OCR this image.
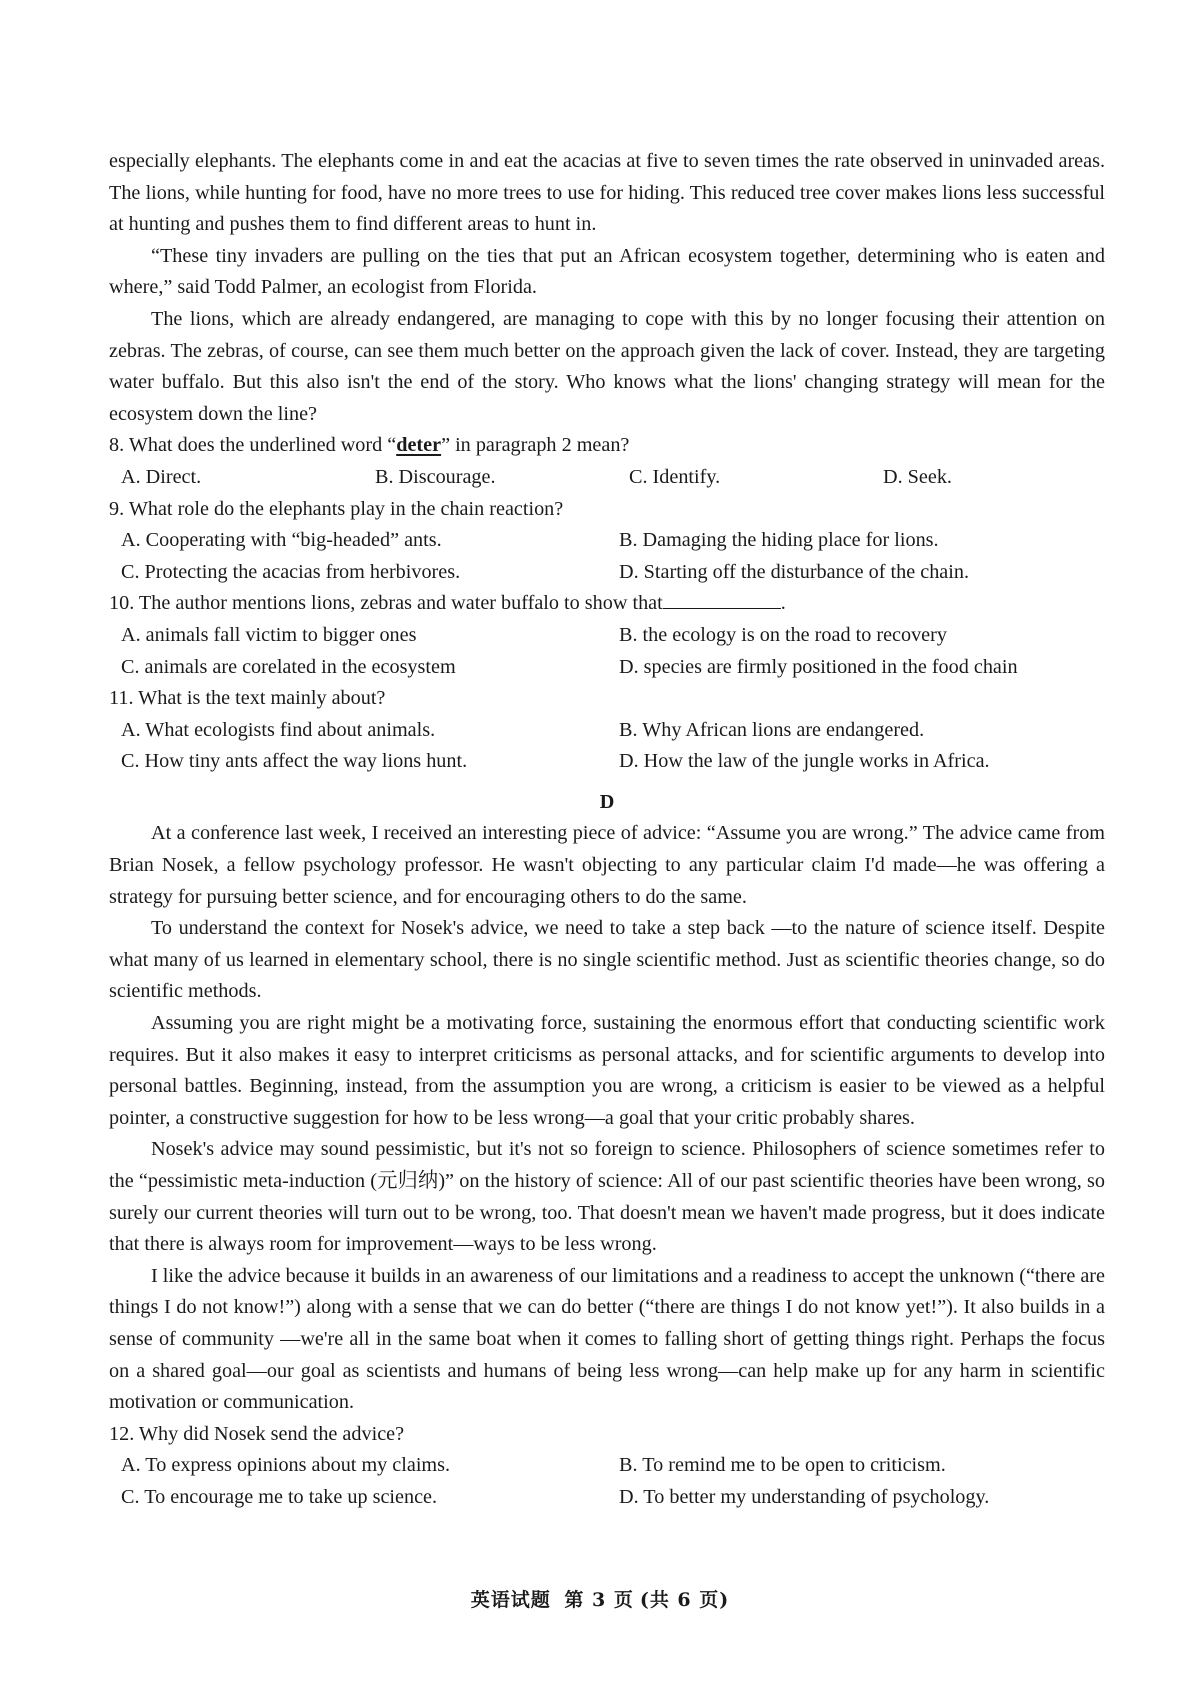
especially elephants. The elephants come in and eat the acacias at five to seven times the rate observed in uninvaded areas. The lions, while hunting for food, have no more trees to use for hiding. This reduced tree cover makes lions less successful at hunting and pushes them to find different areas to hunt in.

“These tiny invaders are pulling on the ties that put an African ecosystem together, determining who is eaten and where,” said Todd Palmer, an ecologist from Florida.

The lions, which are already endangered, are managing to cope with this by no longer focusing their attention on zebras. The zebras, of course, can see them much better on the approach given the lack of cover. Instead, they are targeting water buffalo. But this also isn't the end of the story. Who knows what the lions' changing strategy will mean for the ecosystem down the line?

8. What does the underlined word “deter” in paragraph 2 mean?

A. Direct.	B. Discourage.	C. Identify.	D. Seek.

9. What role do the elephants play in the chain reaction?

A. Cooperating with “big-headed” ants.	B. Damaging the hiding place for lions.
C. Protecting the acacias from herbivores.	D. Starting off the disturbance of the chain.

10. The author mentions lions, zebras and water buffalo to show that	.

A. animals fall victim to bigger ones	B. the ecology is on the road to recovery
C. animals are corelated in the ecosystem	D. species are firmly positioned in the food chain

11. What is the text mainly about?

A. What ecologists find about animals.	B. Why African lions are endangered.
C. How tiny ants affect the way lions hunt.	D. How the law of the jungle works in Africa.

D

At a conference last week, I received an interesting piece of advice: “Assume you are wrong.” The advice came from Brian Nosek, a fellow psychology professor. He wasn't objecting to any particular claim I'd made—he was offering a strategy for pursuing better science, and for encouraging others to do the same.

To understand the context for Nosek's advice, we need to take a step back —to the nature of science itself. Despite what many of us learned in elementary school, there is no single scientific method. Just as scientific theories change, so do scientific methods.

Assuming you are right might be a motivating force, sustaining the enormous effort that conducting scientific work requires. But it also makes it easy to interpret criticisms as personal attacks, and for scientific arguments to develop into personal battles. Beginning, instead, from the assumption you are wrong, a criticism is easier to be viewed as a helpful pointer, a constructive suggestion for how to be less wrong—a goal that your critic probably shares.

Nosek's advice may sound pessimistic, but it's not so foreign to science. Philosophers of science sometimes refer to the “pessimistic meta-induction (元归纳)” on the history of science: All of our past scientific theories have been wrong, so surely our current theories will turn out to be wrong, too. That doesn't mean we haven't made progress, but it does indicate that there is always room for improvement—ways to be less wrong.

I like the advice because it builds in an awareness of our limitations and a readiness to accept the unknown (“there are things I do not know!”) along with a sense that we can do better (“there are things I do not know yet!”). It also builds in a sense of community —we're all in the same boat when it comes to falling short of getting things right. Perhaps the focus on a shared goal—our goal as scientists and humans of being less wrong—can help make up for any harm in scientific motivation or communication.

12. Why did Nosek send the advice?

A. To express opinions about my claims.	B. To remind me to be open to criticism.
C. To encourage me to take up science.	D. To better my understanding of psychology.
英语试题 第 3 页 (共 6 页)
